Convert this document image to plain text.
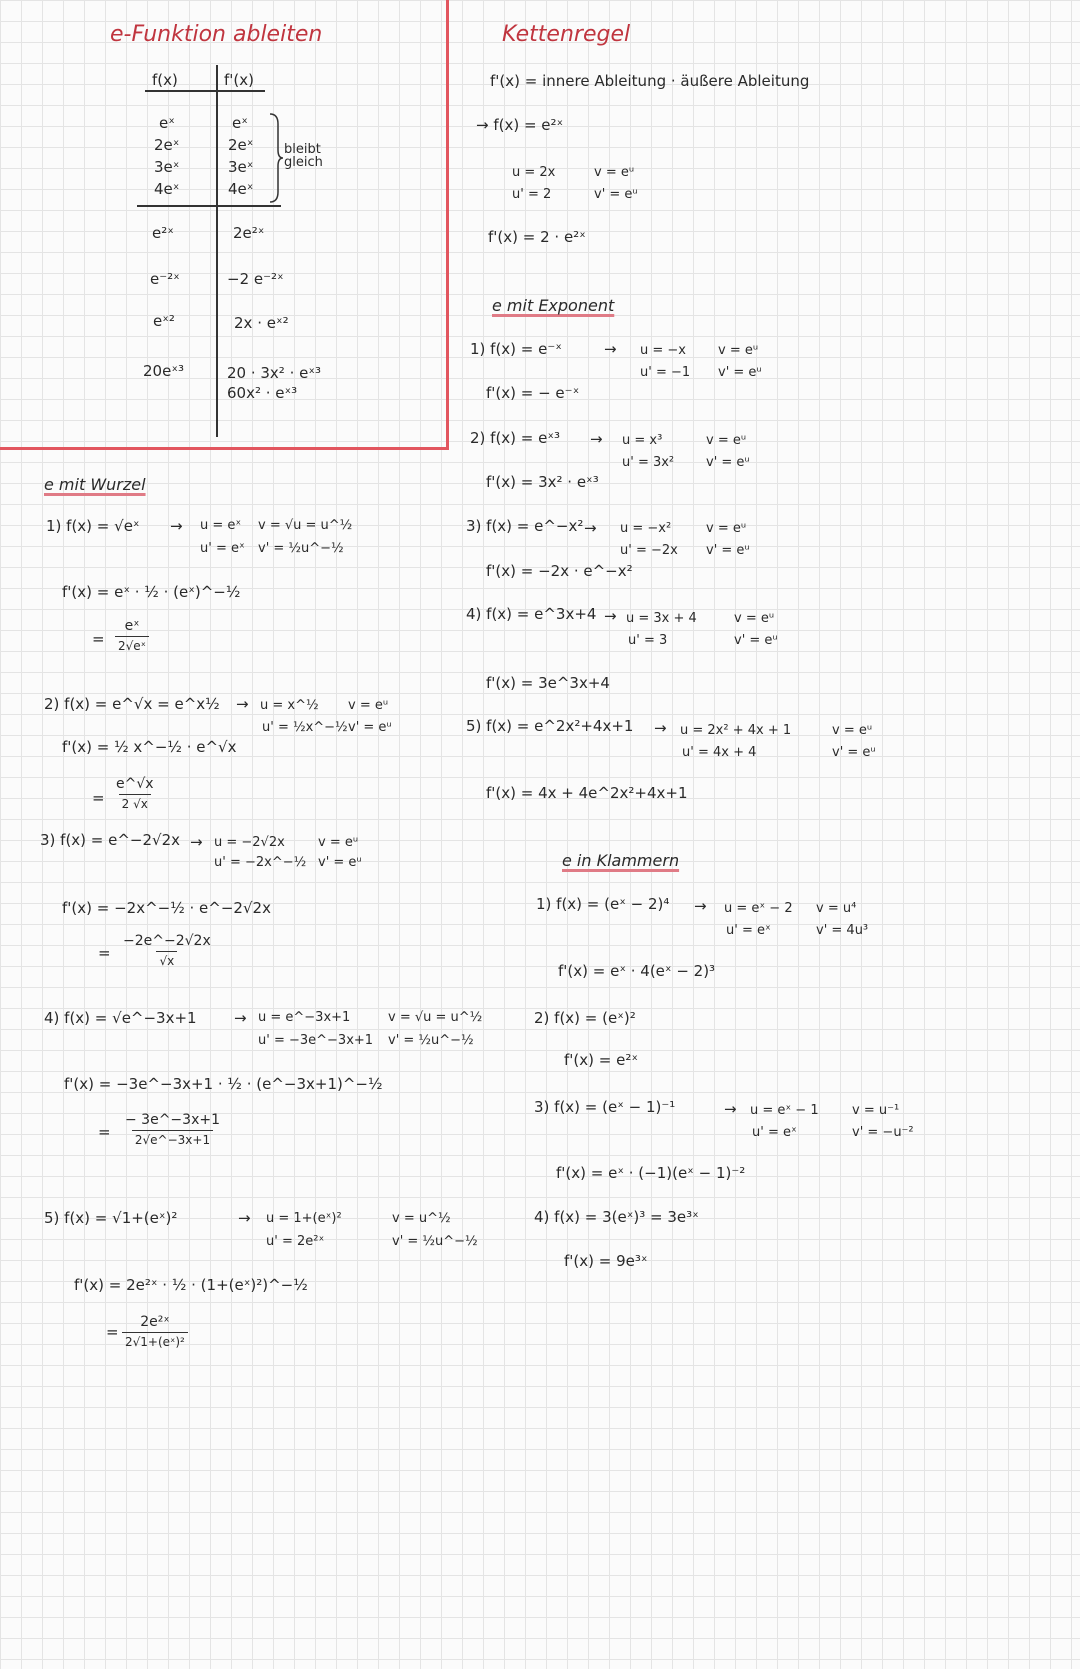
e-Funktion ableiten
f(x)	f'(x)
eˣ	eˣ
2eˣ	2eˣ
3eˣ	3eˣ
4eˣ	4eˣ
bleibt gleich
e²ˣ	2e²ˣ
e⁻²ˣ	−2 e⁻²ˣ
eˣ²	2x · eˣ²
20eˣ³	20 · 3x² · eˣ³
60x² · eˣ³
e mit Wurzel
1) f(x) = √eˣ → u = eˣ v = √u = u^½
u' = eˣ v' = ½u^−½
f'(x) = eˣ · ½ · (eˣ)^−½
= $\frac{\text{eˣ}}{\text{2√eˣ}}$
2) f(x) = e^√x = e^x½ → u = x^½ v = eᵘ
u' = ½x^−½ v' = eᵘ
f'(x) = ½ x^−½ · e^√x
= $\frac{e\^{}√x}{2 √x}$
3) f(x) = e^−2√2x → u = −2√2x	v = eᵘ
u' = −2x^−½ v' = eᵘ
f'(x) = −2x^−½ · e^−2√2x
= $\frac{-2e\^{}-2√2x}{√x}$
4) f(x) = √e^−3x+1 → u = e^−3x+1	v = √u = u^½
u' = −3e^−3x+1 v' = ½u^−½
f'(x) = −3e^−3x+1 · ½ · (e^−3x+1)^−½
= $\frac{- 3e\^{}-3x+1}{2√e\^{}-3x+1}$
5) f(x) = √1+(eˣ)²	→ u = 1+(eˣ)²	v = u^½
u' = 2e²ˣ	v' = ½u^−½
f'(x) = 2e²ˣ · ½ · (1+(eˣ)²)^−½
= $\frac{\text{2e²ˣ}}{\text{2√1+(eˣ)²}}$
Kettenregel
f'(x) = innere Ableitung · äußere Ableitung
→ f(x) = e²ˣ
u = 2x	v = eᵘ
u' = 2	v' = eᵘ
f'(x) = 2 · e²ˣ
e mit Exponent
1) f(x) = e⁻ˣ	→ u = −x v = eᵘ
u' = −1 v' = eᵘ
f'(x) = − e⁻ˣ
2) f(x) = eˣ³ → u = x³	v = eᵘ
u' = 3x² v' = eᵘ
f'(x) = 3x² · eˣ³
3) f(x) = e^−x² → u = −x²	v = eᵘ
u' = −2x v' = eᵘ
f'(x) = −2x · e^−x²
4) f(x) = e^3x+4 → u = 3x + 4	v = eᵘ
u' = 3	v' = eᵘ
f'(x) = 3e^3x+4
5) f(x) = e^2x²+4x+1 → u = 2x² + 4x + 1	v = eᵘ
u' = 4x + 4	v' = eᵘ
f'(x) = 4x + 4e^2x²+4x+1
e in Klammern
1) f(x) = (eˣ − 2)⁴ → u = eˣ − 2 v = u⁴
u' = eˣ	v' = 4u³
f'(x) = eˣ · 4(eˣ − 2)³
2) f(x) = (eˣ)²
f'(x) = e²ˣ
3) f(x) = (eˣ − 1)⁻¹	→ u = eˣ − 1	v = u⁻¹
u' = eˣ	v' = −u⁻²
f'(x) = eˣ · (−1)(eˣ − 1)⁻²
4) f(x) = 3(eˣ)³ = 3e³ˣ
f'(x) = 9e³ˣ
